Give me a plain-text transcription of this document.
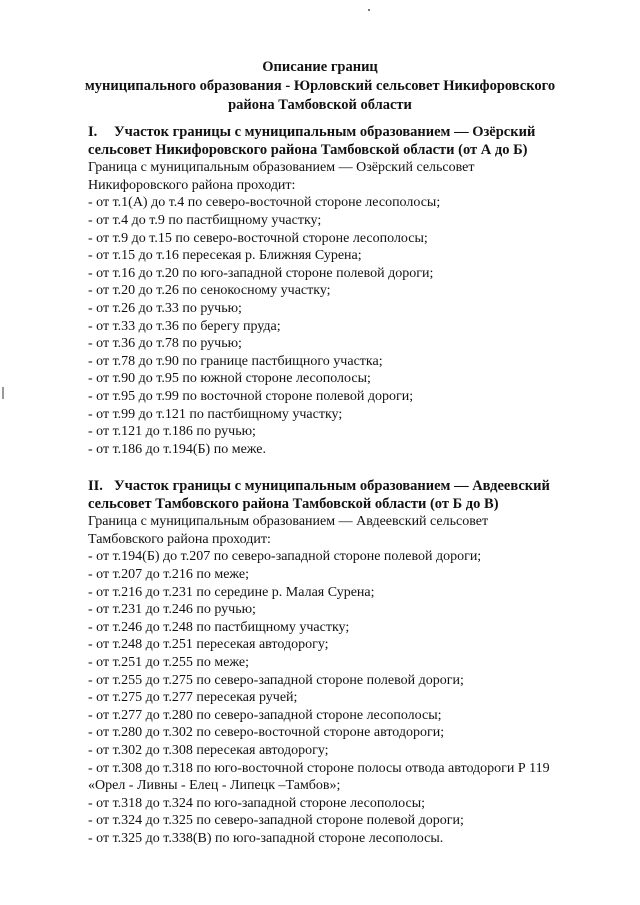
Описание границ
муниципального образования - Юрловский сельсовет Никифоровского
района Тамбовской области
I. Участок границы с муниципальным образованием — Озёрский
сельсовет Никифоровского района Тамбовской области (от А до Б)
Граница с муниципальным образованием — Озёрский сельсовет
Никифоровского района проходит:
- от т.1(А) до т.4 по северо-восточной стороне лесополосы;
- от т.4 до т.9 по пастбищному участку;
- от т.9 до т.15 по северо-восточной стороне лесополосы;
- от т.15 до т.16 пересекая р. Ближняя Сурена;
- от т.16 до т.20 по юго-западной стороне полевой дороги;
- от т.20 до т.26 по сенокосному участку;
- от т.26 до т.33 по ручью;
- от т.33 до т.36 по берегу пруда;
- от т.36 до т.78 по ручью;
- от т.78 до т.90 по границе пастбищного участка;
- от т.90 до т.95 по южной стороне лесополосы;
- от т.95 до т.99 по восточной стороне полевой дороги;
- от т.99 до т.121 по пастбищному участку;
- от т.121 до т.186 по ручью;
- от т.186 до т.194(Б) по меже.
II. Участок границы с муниципальным образованием — Авдеевский
сельсовет Тамбовского района Тамбовской области (от Б до В)
Граница с муниципальным образованием — Авдеевский сельсовет
Тамбовского района проходит:
- от т.194(Б) до т.207 по северо-западной стороне полевой дороги;
- от т.207 до т.216 по меже;
- от т.216 до т.231 по середине р. Малая Сурена;
- от т.231 до т.246 по ручью;
- от т.246 до т.248 по пастбищному участку;
- от т.248 до т.251 пересекая автодорогу;
- от т.251 до т.255 по меже;
- от т.255 до т.275 по северо-западной стороне полевой дороги;
- от т.275 до т.277 пересекая ручей;
- от т.277 до т.280 по северо-западной стороне лесополосы;
- от т.280 до т.302 по северо-восточной стороне автодороги;
- от т.302 до т.308 пересекая автодорогу;
- от т.308 до т.318 по юго-восточной стороне полосы отвода автодороги Р 119
«Орел - Ливны - Елец - Липецк –Тамбов»;
- от т.318 до т.324 по юго-западной стороне лесополосы;
- от т.324 до т.325 по северо-западной стороне полевой дороги;
- от т.325 до т.338(В) по юго-западной стороне лесополосы.
